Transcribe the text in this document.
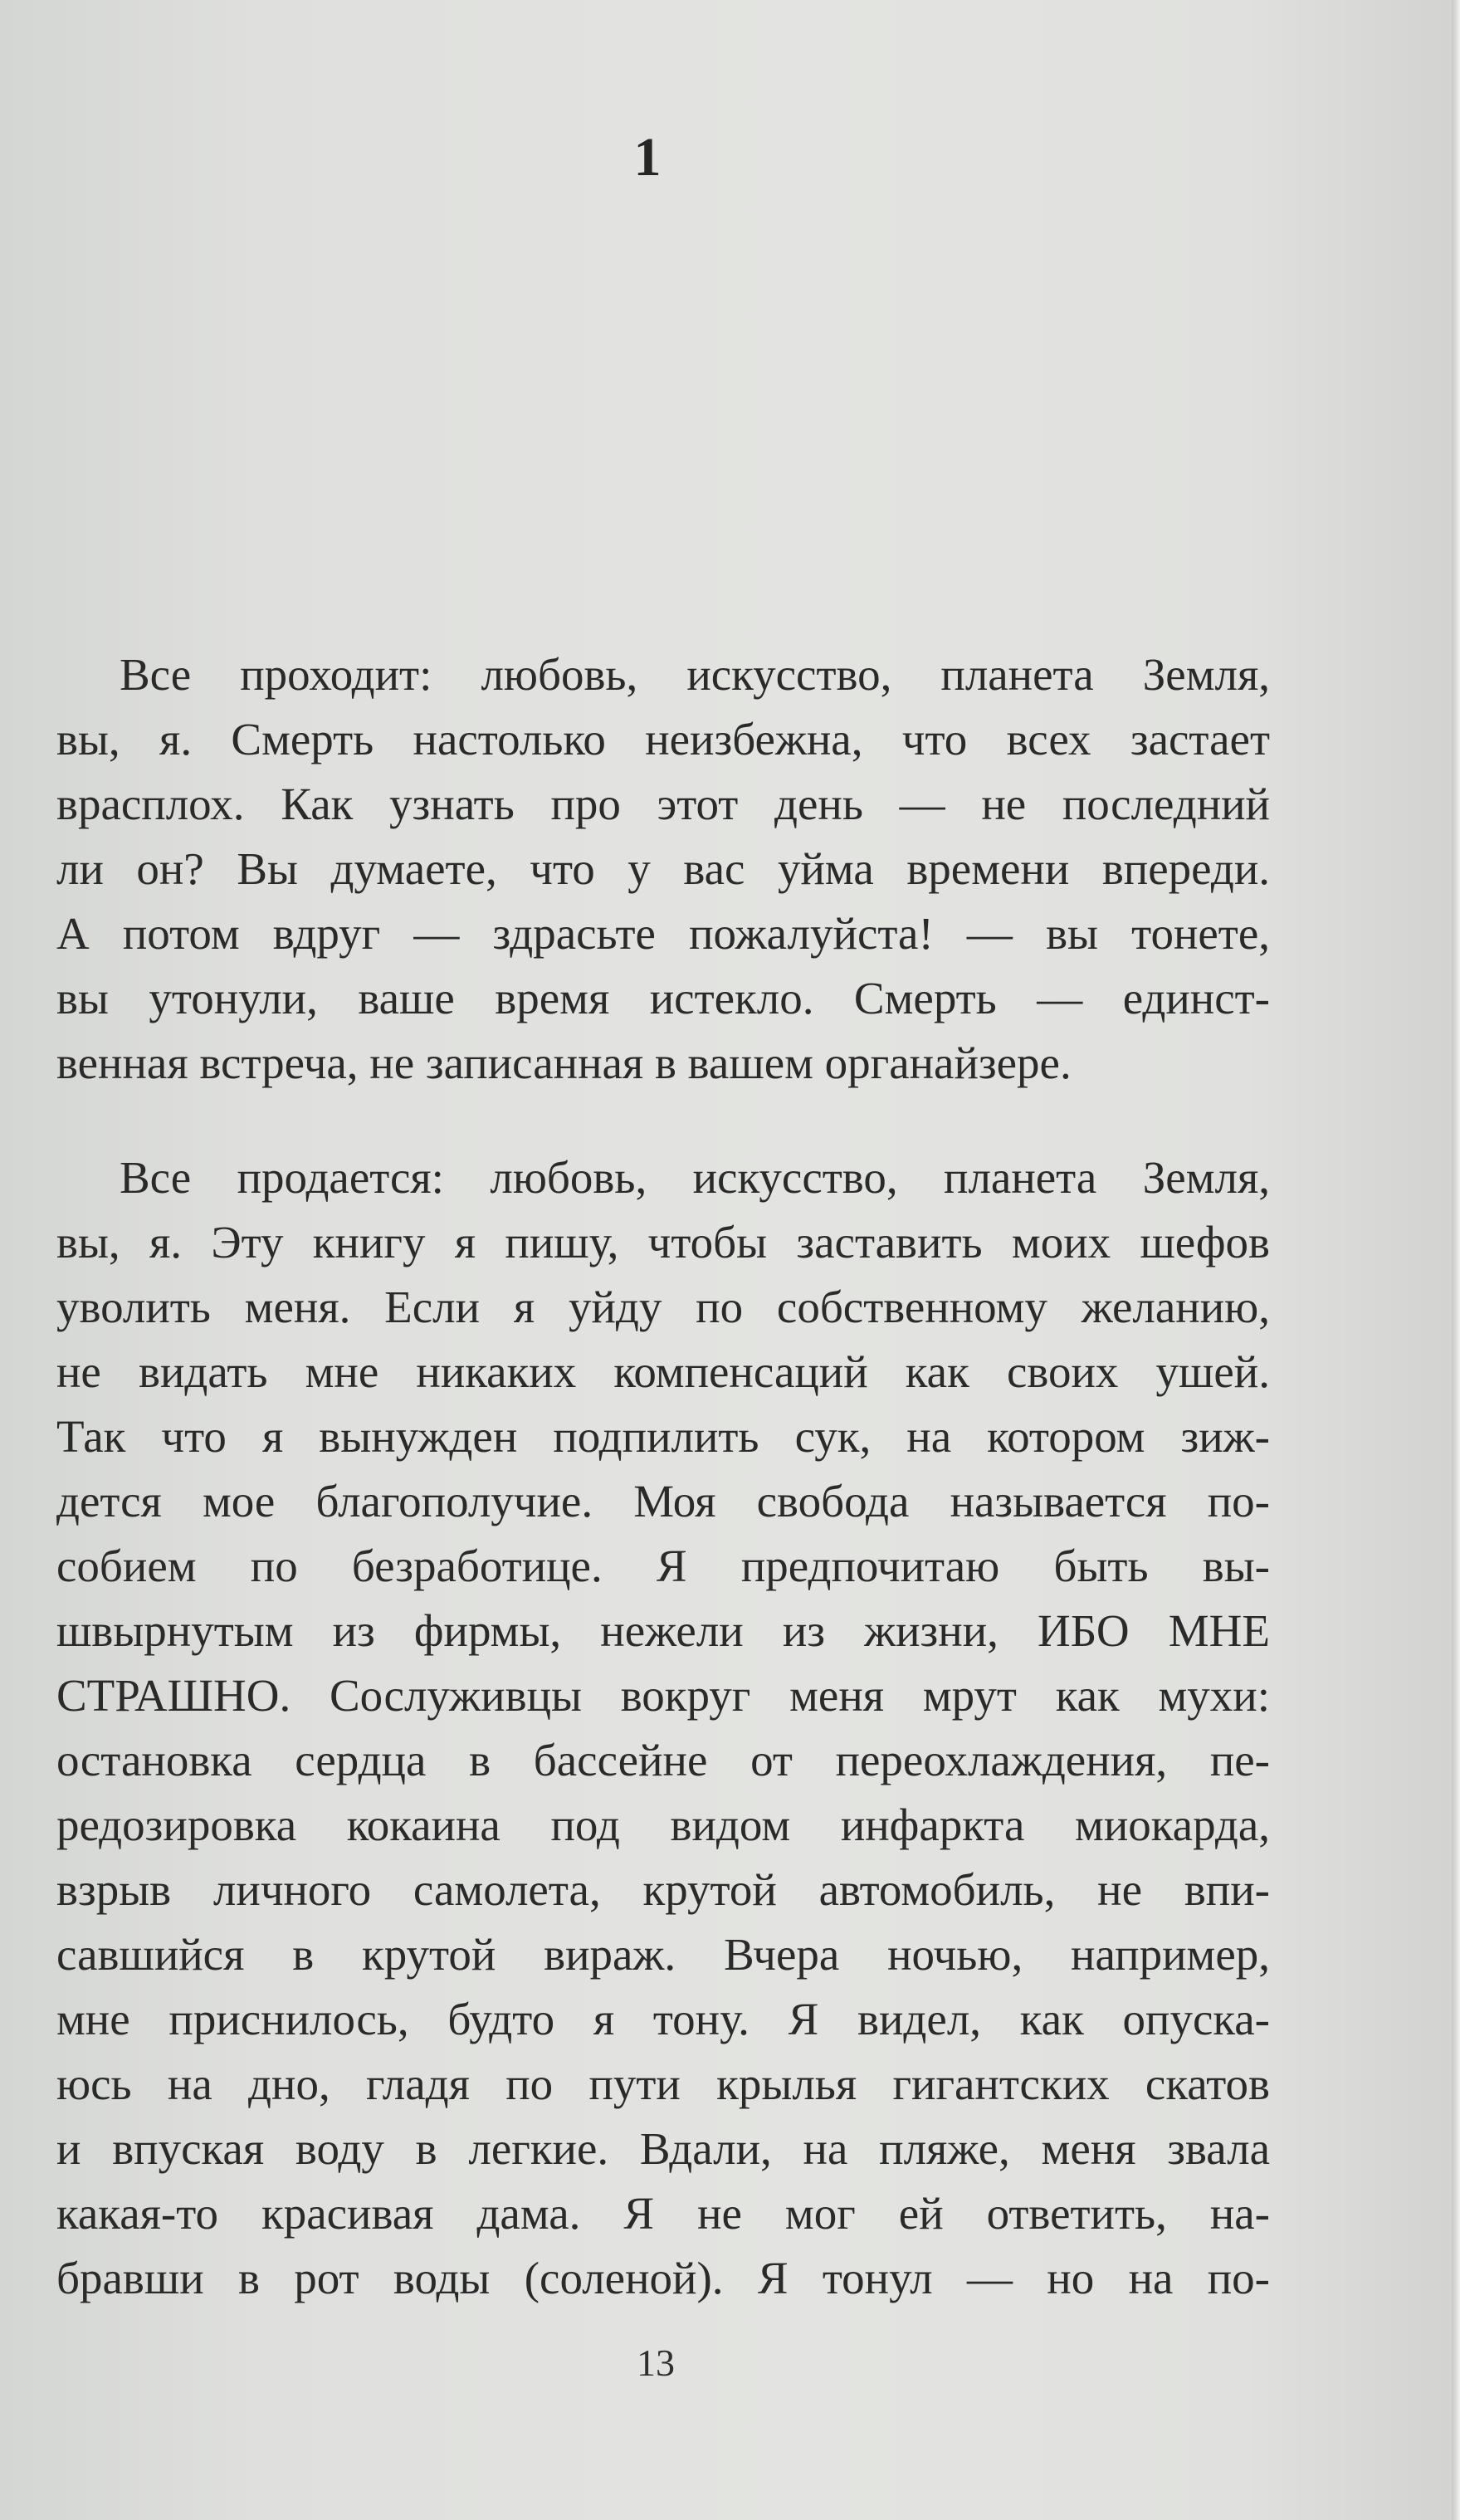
1
Все проходит: любовь, искусство, планета Земля,
вы, я. Смерть настолько неизбежна, что всех застает
врасплох. Как узнать про этот день — не последний
ли он? Вы думаете, что у вас уйма времени впереди.
А потом вдруг — здрасьте пожалуйста! — вы тонете,
вы утонули, ваше время истекло. Смерть — единст-
венная встреча, не записанная в вашем органайзере.
Все продается: любовь, искусство, планета Земля,
вы, я. Эту книгу я пишу, чтобы заставить моих шефов
уволить меня. Если я уйду по собственному желанию,
не видать мне никаких компенсаций как своих ушей.
Так что я вынужден подпилить сук, на котором зиж-
дется мое благополучие. Моя свобода называется по-
собием по безработице. Я предпочитаю быть вы-
швырнутым из фирмы, нежели из жизни, ИБО МНЕ
СТРАШНО. Сослуживцы вокруг меня мрут как мухи:
остановка сердца в бассейне от переохлаждения, пе-
редозировка кокаина под видом инфаркта миокарда,
взрыв личного самолета, крутой автомобиль, не впи-
савшийся в крутой вираж. Вчера ночью, например,
мне приснилось, будто я тону. Я видел, как опуска-
юсь на дно, гладя по пути крылья гигантских скатов
и впуская воду в легкие. Вдали, на пляже, меня звала
какая-то красивая дама. Я не мог ей ответить, на-
бравши в рот воды (соленой). Я тонул — но на по-
13
